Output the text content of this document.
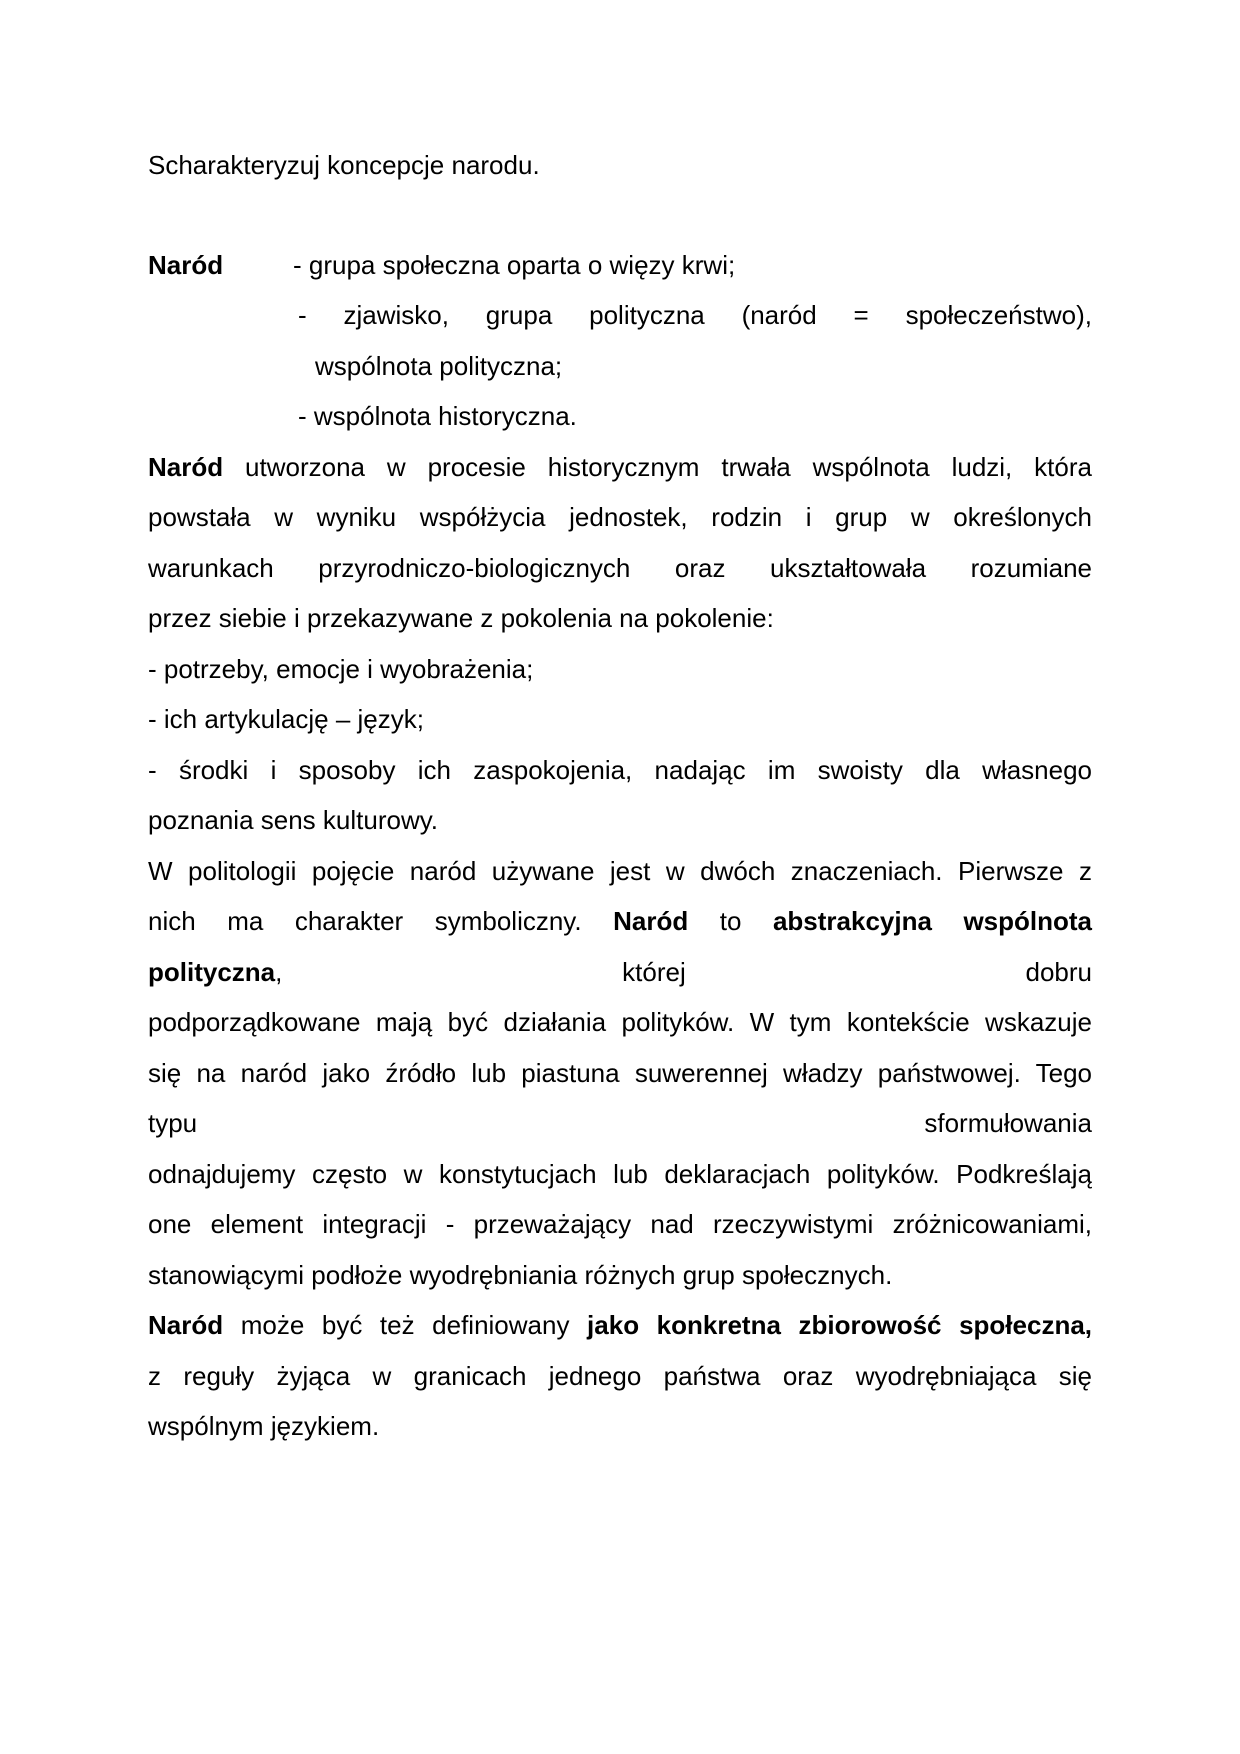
Scharakteryzuj koncepcje narodu.
Naród	- grupa społeczna oparta o więzy krwi;
- zjawisko, grupa polityczna (naród = społeczeństwo),
wspólnota polityczna;
- wspólnota historyczna.
Naród utworzona w procesie historycznym trwała wspólnota ludzi, która
powstała w wyniku współżycia jednostek, rodzin i grup w określonych
warunkach przyrodniczo-biologicznych oraz ukształtowała rozumiane
przez siebie i przekazywane z pokolenia na pokolenie:
- potrzeby, emocje i wyobrażenia;
- ich artykulację – język;
- środki i sposoby ich zaspokojenia, nadając im swoisty dla własnego
poznania sens kulturowy.
W politologii pojęcie naród używane jest w dwóch znaczeniach. Pierwsze z
nich ma charakter symboliczny. Naród to abstrakcyjna wspólnota
polityczna,	której	dobru
podporządkowane mają być działania polityków. W tym kontekście wskazuje
się na naród jako źródło lub piastuna suwerennej władzy państwowej. Tego
typu	sformułowania
odnajdujemy często w konstytucjach lub deklaracjach polityków. Podkreślają
one element integracji - przeważający nad rzeczywistymi zróżnicowaniami,
stanowiącymi podłoże wyodrębniania różnych grup społecznych.
Naród może być też definiowany jako konkretna zbiorowość społeczna,
z reguły żyjąca w granicach jednego państwa oraz wyodrębniająca się
wspólnym językiem.
